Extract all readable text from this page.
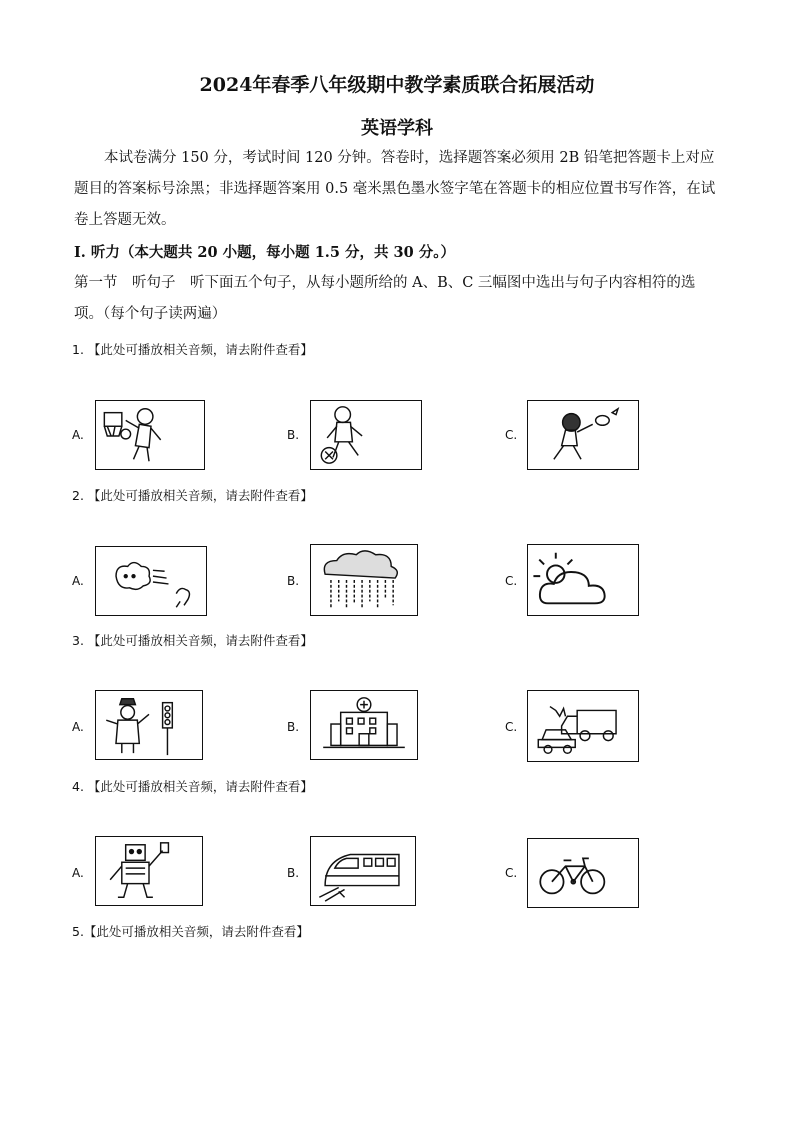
2024年春季八年级期中教学素质联合拓展活动
英语学科
本试卷满分 150 分，考试时间 120 分钟。答卷时，选择题答案必须用 2B 铅笔把答题卡上对应题目的答案标号涂黑；非选择题答案用 0.5 毫米黑色墨水签字笔在答题卡的相应位置书写作答，在试卷上答题无效。
I. 听力（本大题共 20 小题，每小题 1.5 分，共 30 分。）
第一节　听句子　听下面五个句子，从每小题所给的 A、B、C 三幅图中选出与句子内容相符的选项。（每个句子读两遍）
1. 【此处可播放相关音频，请去附件查看】
A.	B.	C.
2. 【此处可播放相关音频，请去附件查看】
A.	B.	C.
3. 【此处可播放相关音频，请去附件查看】
A.	B.	C.
4. 【此处可播放相关音频，请去附件查看】
A.	B.	C.
5.【此处可播放相关音频，请去附件查看】
